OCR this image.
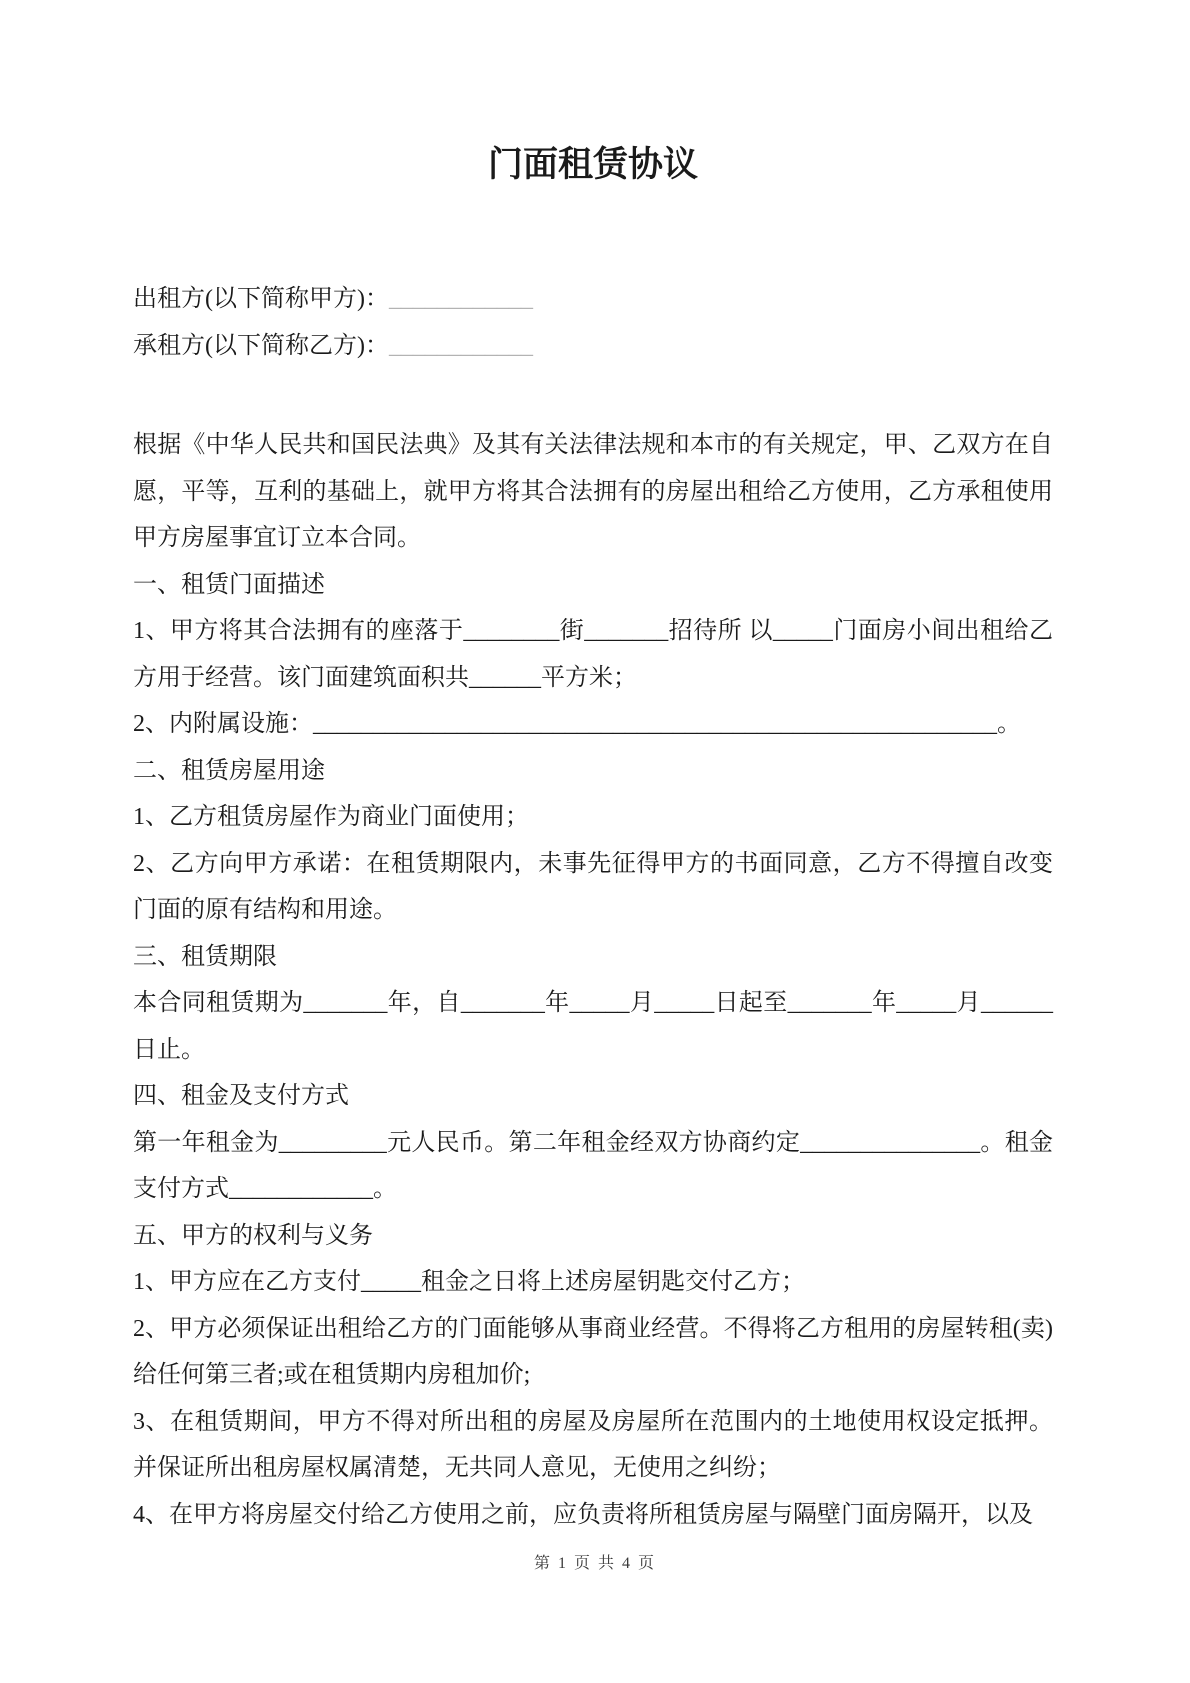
门面租赁协议

出租方(以下简称甲方)：____________

承租方(以下简称乙方)：____________

根据《中华人民共和国民法典》及其有关法律法规和本市的有关规定，甲、乙双方在自愿，平等，互利的基础上，就甲方将其合法拥有的房屋出租给乙方使用，乙方承租使用甲方房屋事宜订立本合同。

一、租赁门面描述

1、甲方将其合法拥有的座落于________街_______招待所 以_____门面房小间出租给乙方用于经营。该门面建筑面积共______平方米；

2、内附属设施：_________________________________________________________。

二、租赁房屋用途

1、乙方租赁房屋作为商业门面使用；

2、乙方向甲方承诺：在租赁期限内，未事先征得甲方的书面同意，乙方不得擅自改变门面的原有结构和用途。

三、租赁期限

本合同租赁期为_______年，自_______年_____月_____日起至_______年_____月______日止。

四、租金及支付方式

第一年租金为_________元人民币。第二年租金经双方协商约定_______________。租金支付方式____________。

五、甲方的权利与义务

1、甲方应在乙方支付_____租金之日将上述房屋钥匙交付乙方；

2、甲方必须保证出租给乙方的门面能够从事商业经营。不得将乙方租用的房屋转租(卖)给任何第三者;或在租赁期内房租加价;

3、在租赁期间，甲方不得对所出租的房屋及房屋所在范围内的土地使用权设定抵押。并保证所出租房屋权属清楚，无共同人意见，无使用之纠纷；

4、在甲方将房屋交付给乙方使用之前，应负责将所租赁房屋与隔壁门面房隔开，以及

第 1 页 共 4 页
